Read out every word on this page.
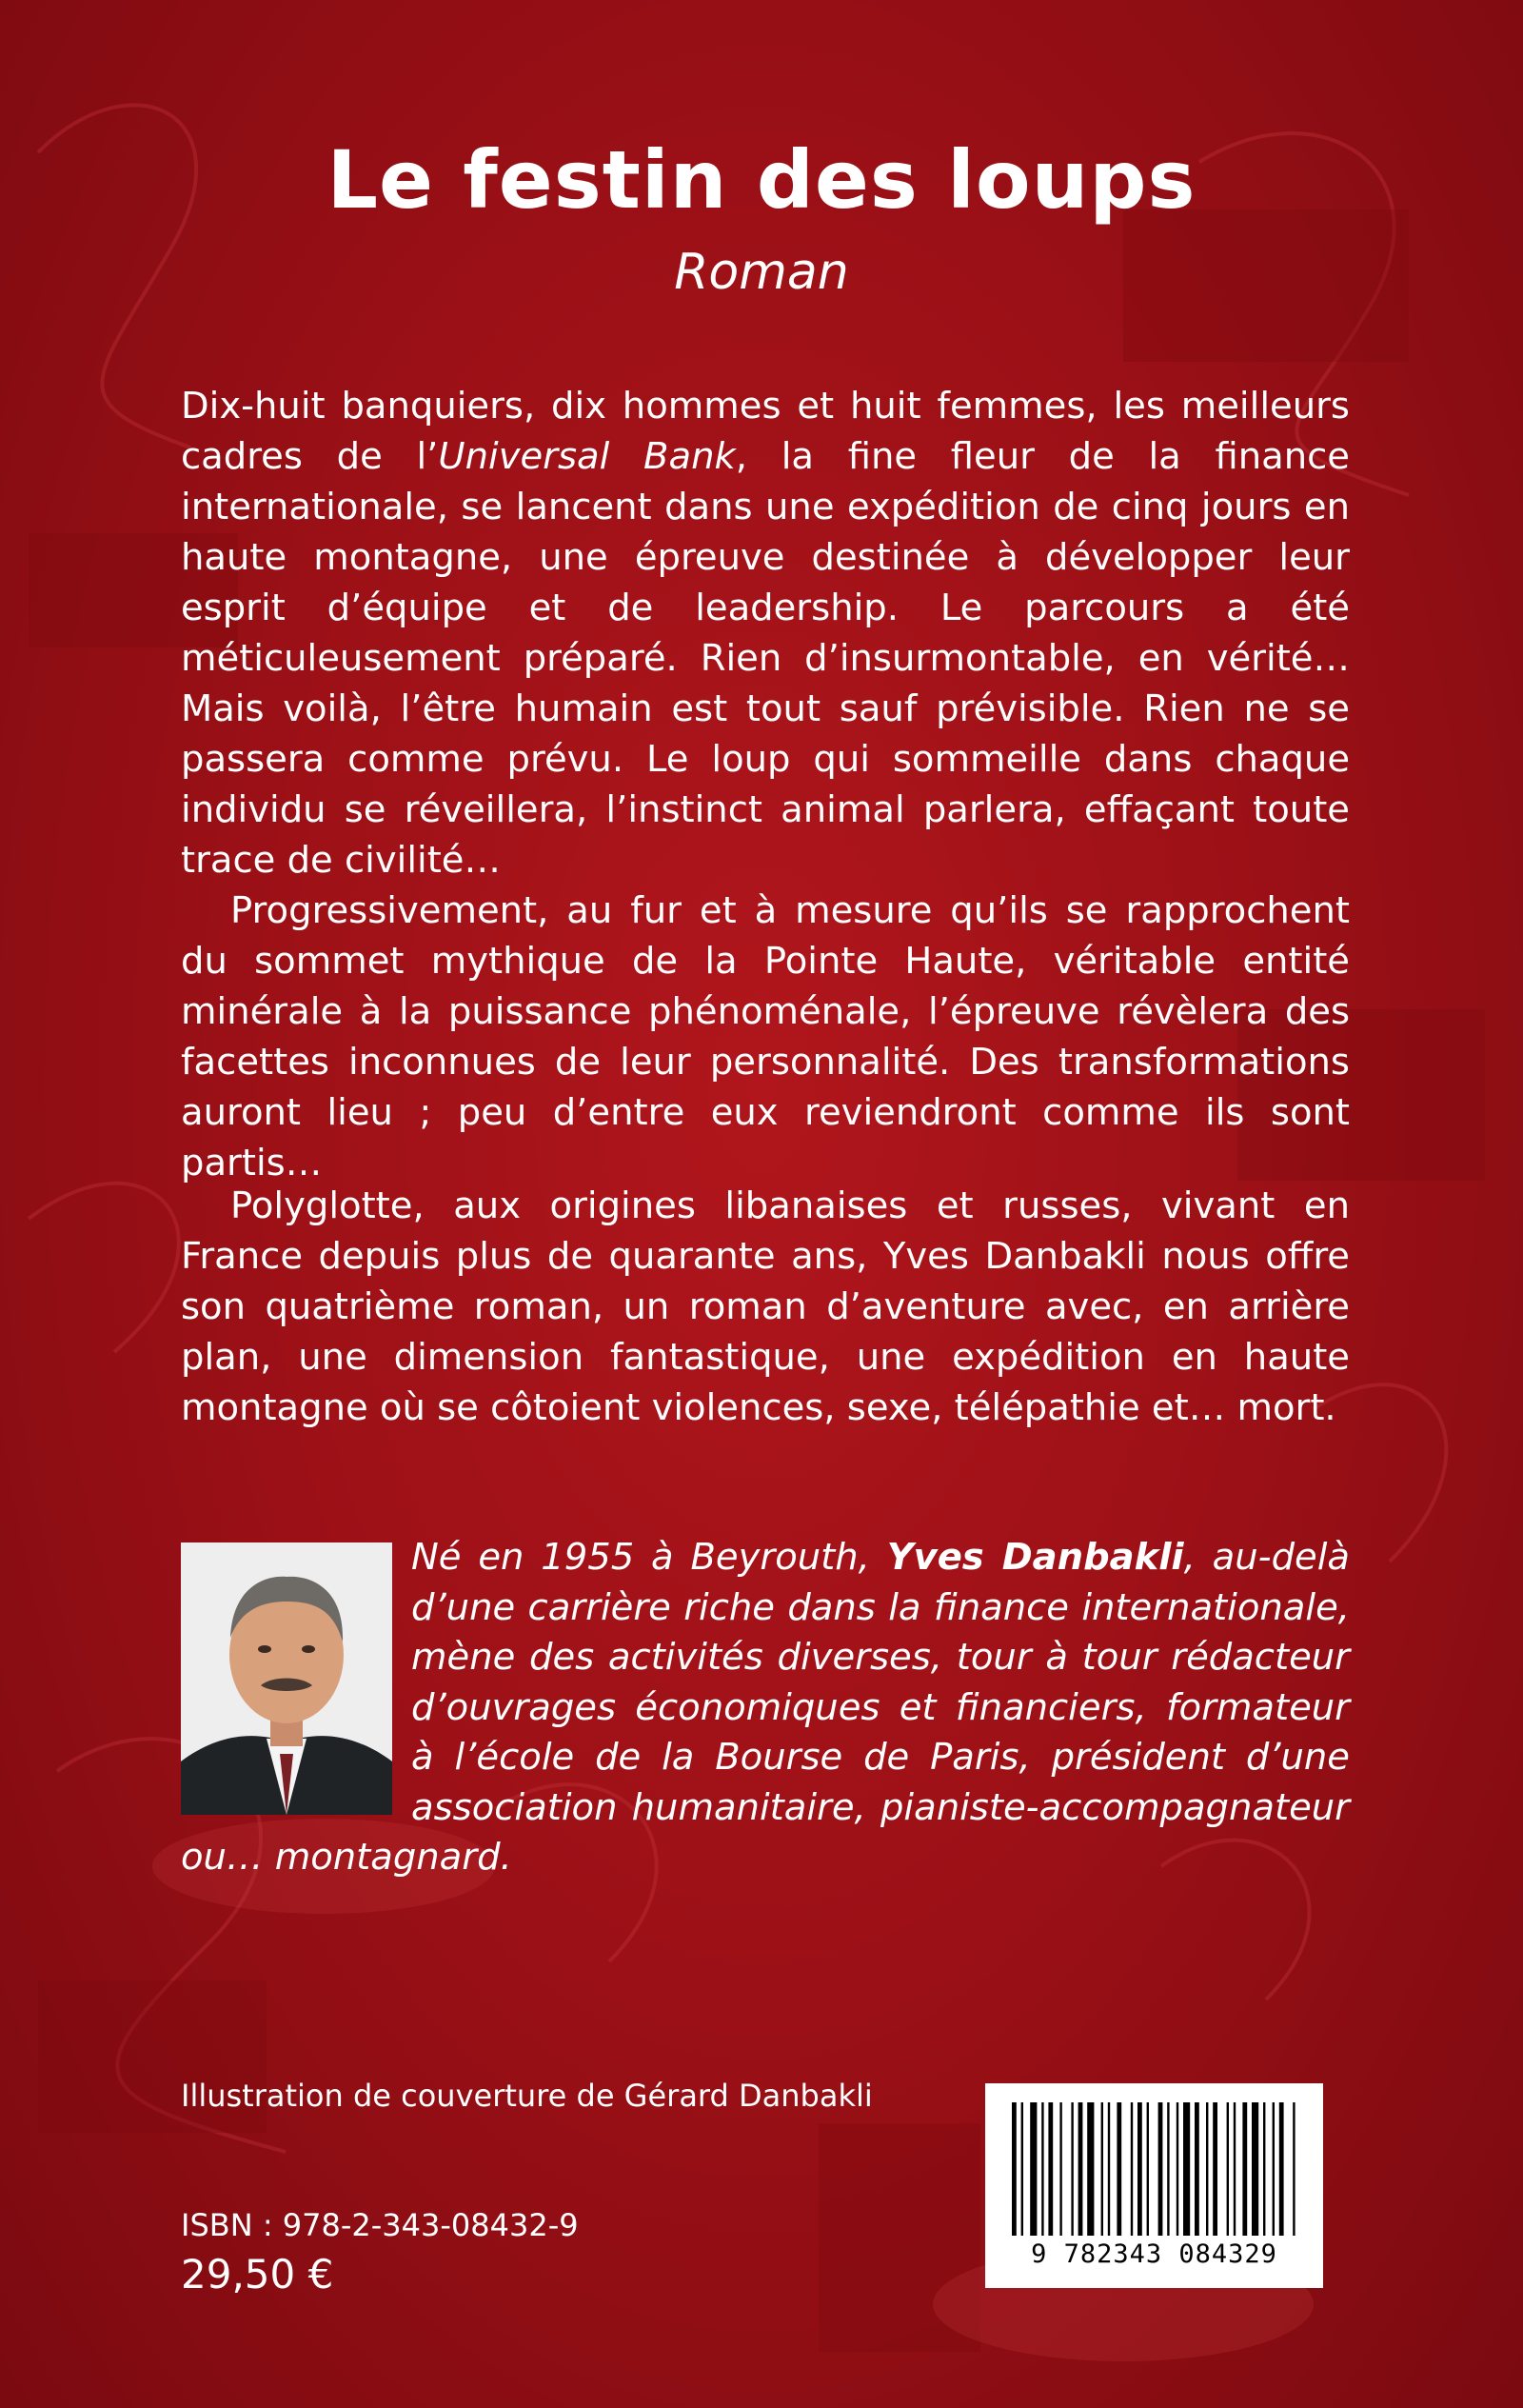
Le festin des loups
Roman

Dix-huit banquiers, dix hommes et huit femmes, les meilleurs cadres de l’Universal Bank, la fine fleur de la finance internationale, se lancent dans une expédition de cinq jours en haute montagne, une épreuve destinée à développer leur esprit d’équipe et de leadership. Le parcours a été méticuleusement préparé. Rien d’insurmontable, en vérité… Mais voilà, l’être humain est tout sauf prévisible. Rien ne se passera comme prévu. Le loup qui sommeille dans chaque individu se réveillera, l’instinct animal parlera, effaçant toute trace de civilité…

Progressivement, au fur et à mesure qu’ils se rapprochent du sommet mythique de la Pointe Haute, véritable entité minérale à la puissance phénoménale, l’épreuve révèlera des facettes inconnues de leur personnalité. Des transformations auront lieu ; peu d’entre eux reviendront comme ils sont partis…

Polyglotte, aux origines libanaises et russes, vivant en France depuis plus de quarante ans, Yves Danbakli nous offre son quatrième roman, un roman d’aventure avec, en arrière plan, une dimension fantastique, une expédition en haute montagne où se côtoient violences, sexe, télépathie et… mort.

Né en 1955 à Beyrouth, Yves Danbakli, au-delà d’une carrière riche dans la finance internationale, mène des activités diverses, tour à tour rédacteur d’ouvrages économiques et financiers, formateur à l’école de la Bourse de Paris, président d’une association humanitaire, pianiste-accompagnateur ou… montagnard.
Illustration de couverture de Gérard Danbakli
ISBN : 978-2-343-08432-9
29,50 €	9 782343 084329
